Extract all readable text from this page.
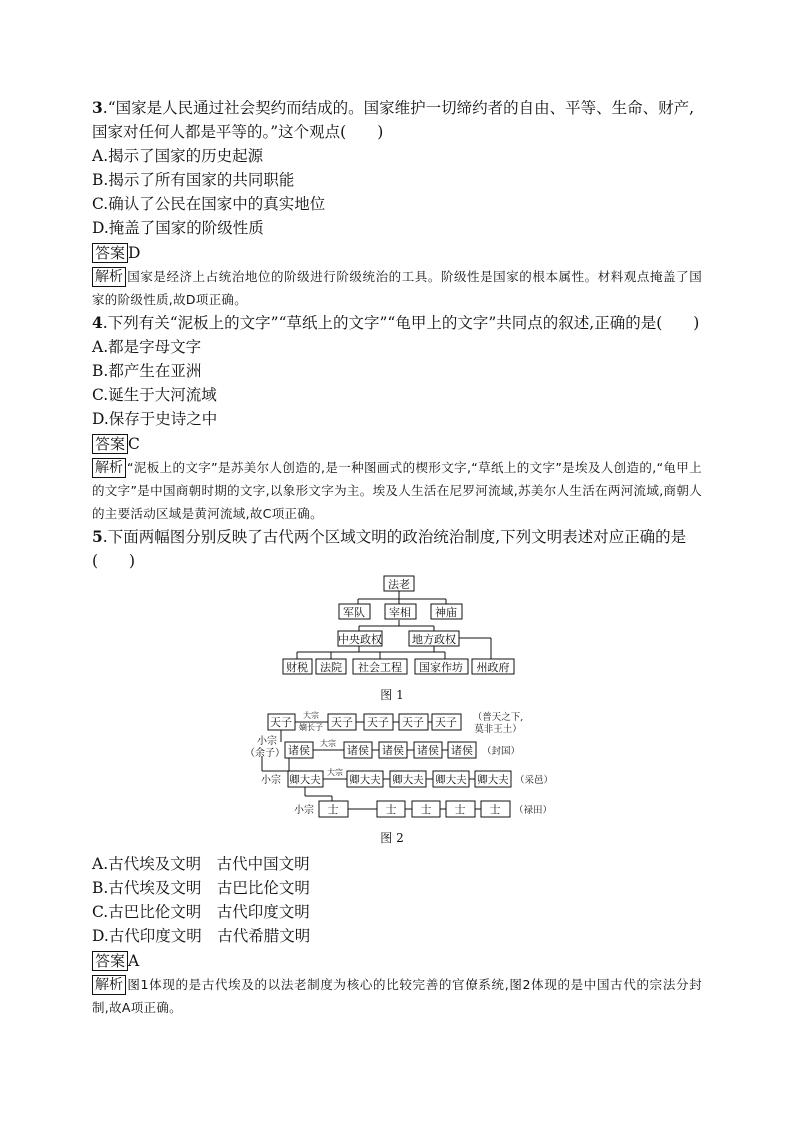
3.“国家是人民通过社会契约而结成的。国家维护一切缔约者的自由、平等、生命、财产,国家对任何人都是平等的。”这个观点(　　)
A.揭示了国家的历史起源
B.揭示了所有国家的共同职能
C.确认了公民在国家中的真实地位
D.掩盖了国家的阶级性质
答案 D
解析 国家是经济上占统治地位的阶级进行阶级统治的工具。阶级性是国家的根本属性。材料观点掩盖了国家的阶级性质,故D项正确。
4.下列有关“泥板上的文字”“草纸上的文字”“龟甲上的文字”共同点的叙述,正确的是(　　)
A.都是字母文字
B.都产生在亚洲
C.诞生于大河流域
D.保存于史诗之中
答案 C
解析 “泥板上的文字”是苏美尔人创造的,是一种图画式的楔形文字,“草纸上的文字”是埃及人创造的,“龟甲上的文字”是中国商朝时期的文字,以象形文字为主。埃及人生活在尼罗河流域,苏美尔人生活在两河流域,商朝人的主要活动区域是黄河流域,故C项正确。
5.下面两幅图分别反映了古代两个区域文明的政治统治制度,下列文明表述对应正确的是(　　)
法老
军队 宰相 神庙
中央政权	地方政权
财税 法院 社会工程 国家作坊 州政府
图 1
天子
大宗
嫡长子 天子 天子 天子 天子 （普天之下,
莫非王土）
小宗
（余子）
大宗
诸侯	诸侯 诸侯 诸侯 诸侯 （封国）
小宗
大宗
卿大夫	卿大夫 卿大夫 卿大夫 卿大夫 （采邑）
小宗 士	士 士 士 士 （禄田）
图 2
A.古代埃及文明　古代中国文明
B.古代埃及文明　古巴比伦文明
C.古巴比伦文明　古代印度文明
D.古代印度文明　古代希腊文明
答案 A
解析 图1体现的是古代埃及的以法老制度为核心的比较完善的官僚系统,图2体现的是中国古代的宗法分封制,故A项正确。
